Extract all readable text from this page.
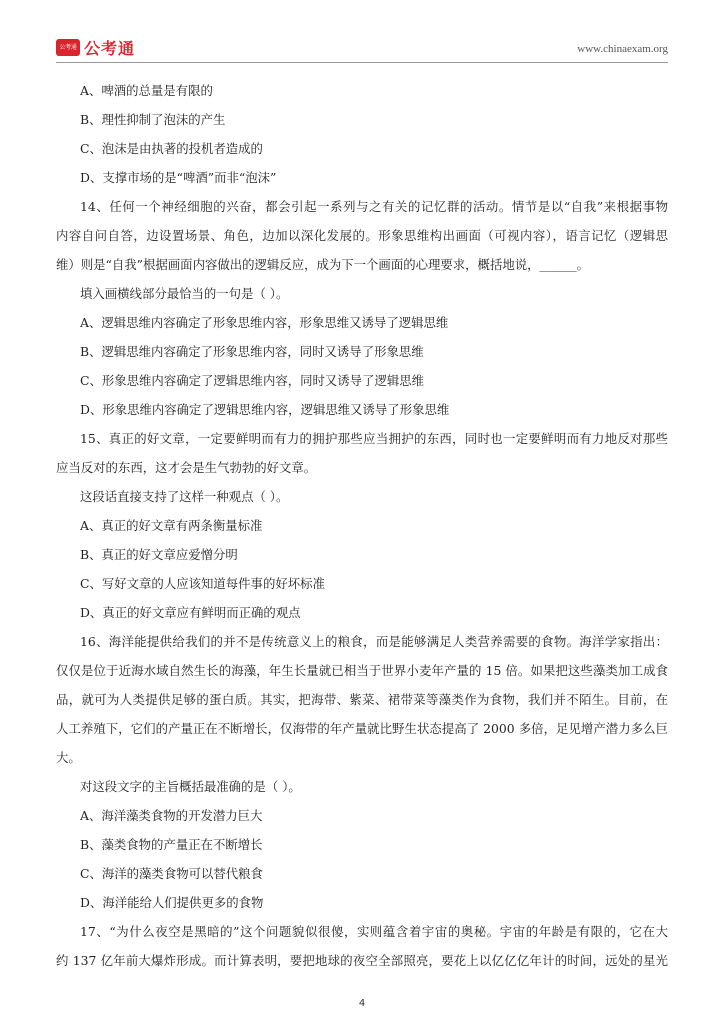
公考通 公考通	www.chinaexam.org
A、啤酒的总量是有限的
B、理性抑制了泡沫的产生
C、泡沫是由执著的投机者造成的
D、支撑市场的是“啤酒”而非“泡沫”
14、任何一个神经细胞的兴奋，都会引起一系列与之有关的记忆群的活动。情节是以“自我”来根据事物
内容自问自答，边设置场景、角色，边加以深化发展的。形象思维构出画面（可视内容），语言记忆（逻辑思
维）则是“自我”根据画面内容做出的逻辑反应，成为下一个画面的心理要求，概括地说，______。
填入画横线部分最恰当的一句是（ ）。
A、逻辑思维内容确定了形象思维内容，形象思维又诱导了逻辑思维
B、逻辑思维内容确定了形象思维内容，同时又诱导了形象思维
C、形象思维内容确定了逻辑思维内容，同时又诱导了逻辑思维
D、形象思维内容确定了逻辑思维内容，逻辑思维又诱导了形象思维
15、真正的好文章，一定要鲜明而有力的拥护那些应当拥护的东西，同时也一定要鲜明而有力地反对那些
应当反对的东西，这才会是生气勃勃的好文章。
这段话直接支持了这样一种观点（ ）。
A、真正的好文章有两条衡量标准
B、真正的好文章应爱憎分明
C、写好文章的人应该知道每件事的好坏标准
D、真正的好文章应有鲜明而正确的观点
16、海洋能提供给我们的并不是传统意义上的粮食，而是能够满足人类营养需要的食物。海洋学家指出：
仅仅是位于近海水域自然生长的海藻，年生长量就已相当于世界小麦年产量的 15 倍。如果把这些藻类加工成食
品，就可为人类提供足够的蛋白质。其实，把海带、紫菜、裙带菜等藻类作为食物，我们并不陌生。目前，在
人工养殖下，它们的产量正在不断增长，仅海带的年产量就比野生状态提高了 2000 多倍，足见增产潜力多么巨
大。
对这段文字的主旨概括最准确的是（ ）。
A、海洋藻类食物的开发潜力巨大
B、藻类食物的产量正在不断增长
C、海洋的藻类食物可以替代粮食
D、海洋能给人们提供更多的食物
17、“为什么夜空是黑暗的”这个问题貌似很傻，实则蕴含着宇宙的奥秘。宇宙的年龄是有限的，它在大
约 137 亿年前大爆炸形成。而计算表明，要把地球的夜空全部照亮，要花上以亿亿亿年计的时间，远处的星光
4
